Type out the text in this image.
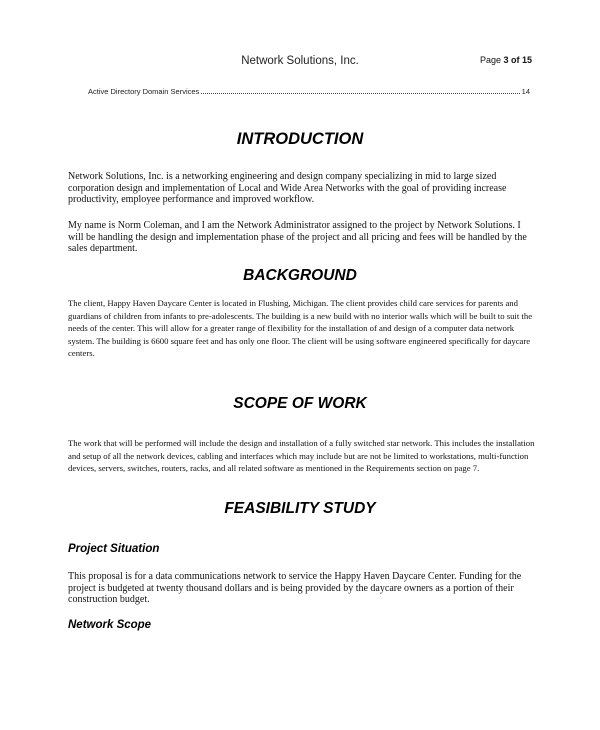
Network Solutions, Inc.	Page 3 of 15
Active Directory Domain Services	14
INTRODUCTION

Network Solutions, Inc. is a networking engineering and design company specializing in mid to large sized corporation design and implementation of Local and Wide Area Networks with the goal of providing increase productivity, employee performance and improved workflow.

My name is Norm Coleman, and I am the Network Administrator assigned to the project by Network Solutions. I will be handling the design and implementation phase of the project and all pricing and fees will be handled by the sales department.

BACKGROUND

The client, Happy Haven Daycare Center is located in Flushing, Michigan. The client provides child care services for parents and guardians of children from infants to pre-adolescents. The building is a new build with no interior walls which will be built to suit the needs of the center. This will allow for a greater range of flexibility for the installation of and design of a computer data network system. The building is 6600 square feet and has only one floor. The client will be using software engineered specifically for daycare centers.

SCOPE OF WORK

The work that will be performed will include the design and installation of a fully switched star network. This includes the installation and setup of all the network devices, cabling and interfaces which may include but are not be limited to workstations, multi-function devices, servers, switches, routers, racks, and all related software as mentioned in the Requirements section on page 7.

FEASIBILITY STUDY
Project Situation

This proposal is for a data communications network to service the Happy Haven Daycare Center. Funding for the project is budgeted at twenty thousand dollars and is being provided by the daycare owners as a portion of their construction budget.

Network Scope
